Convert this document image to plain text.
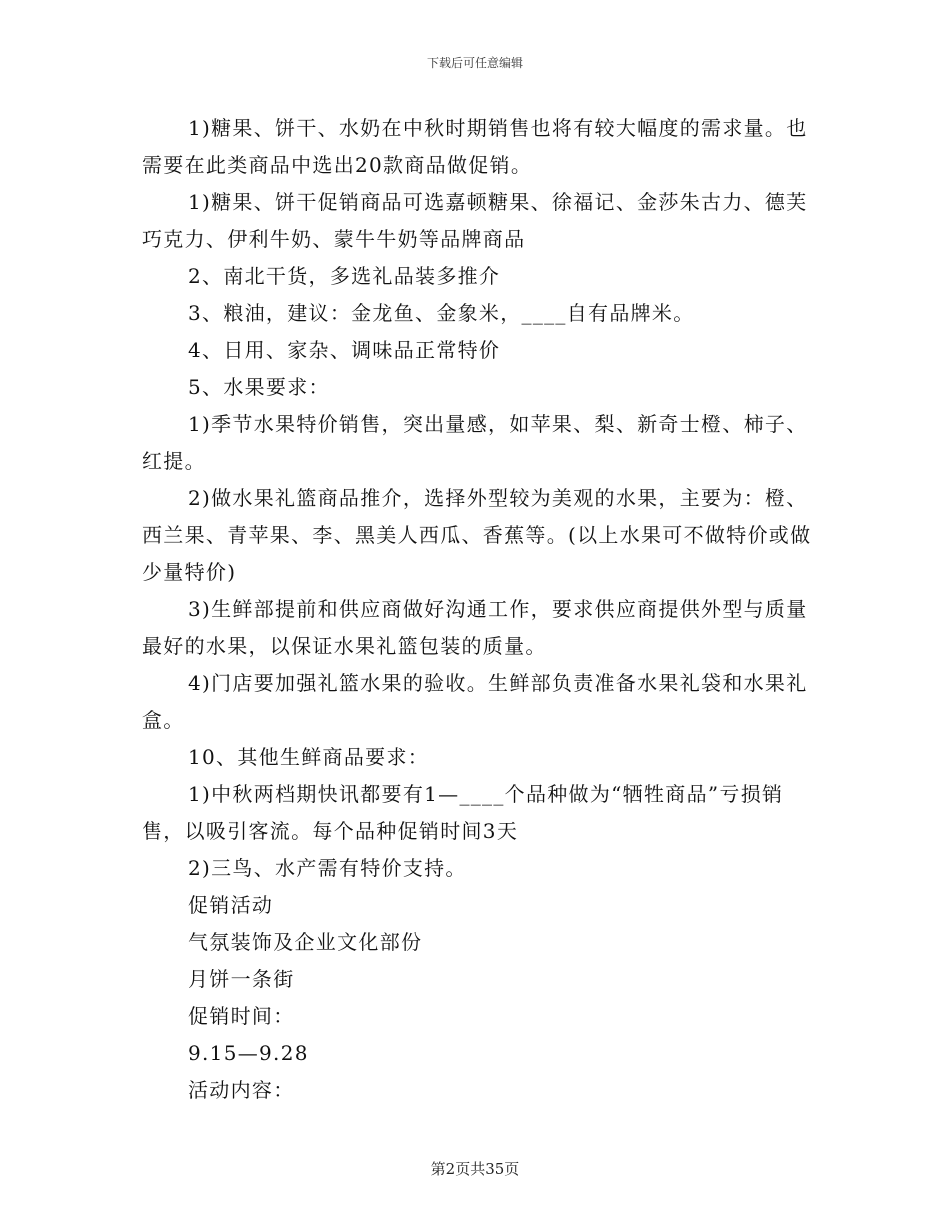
下载后可任意编辑

1)糖果、饼干、水奶在中秋时期销售也将有较大幅度的需求量。也需要在此类商品中选出20款商品做促销。

1)糖果、饼干促销商品可选嘉顿糖果、徐福记、金莎朱古力、德芙巧克力、伊利牛奶、蒙牛牛奶等品牌商品

2、南北干货，多选礼品装多推介

3、粮油，建议：金龙鱼、金象米，____自有品牌米。

4、日用、家杂、调味品正常特价

5、水果要求：

1)季节水果特价销售，突出量感，如苹果、梨、新奇士橙、柿子、红提。

2)做水果礼篮商品推介，选择外型较为美观的水果，主要为：橙、西兰果、青苹果、李、黑美人西瓜、香蕉等。(以上水果可不做特价或做少量特价)

3)生鲜部提前和供应商做好沟通工作，要求供应商提供外型与质量最好的水果，以保证水果礼篮包装的质量。

4)门店要加强礼篮水果的验收。生鲜部负责准备水果礼袋和水果礼盒。

10、其他生鲜商品要求：

1)中秋两档期快讯都要有1—____个品种做为“牺牲商品”亏损销售，以吸引客流。每个品种促销时间3天

2)三鸟、水产需有特价支持。

促销活动

气氛装饰及企业文化部份

月饼一条街

促销时间：

9.15—9.28

活动内容：

第2页共35页
